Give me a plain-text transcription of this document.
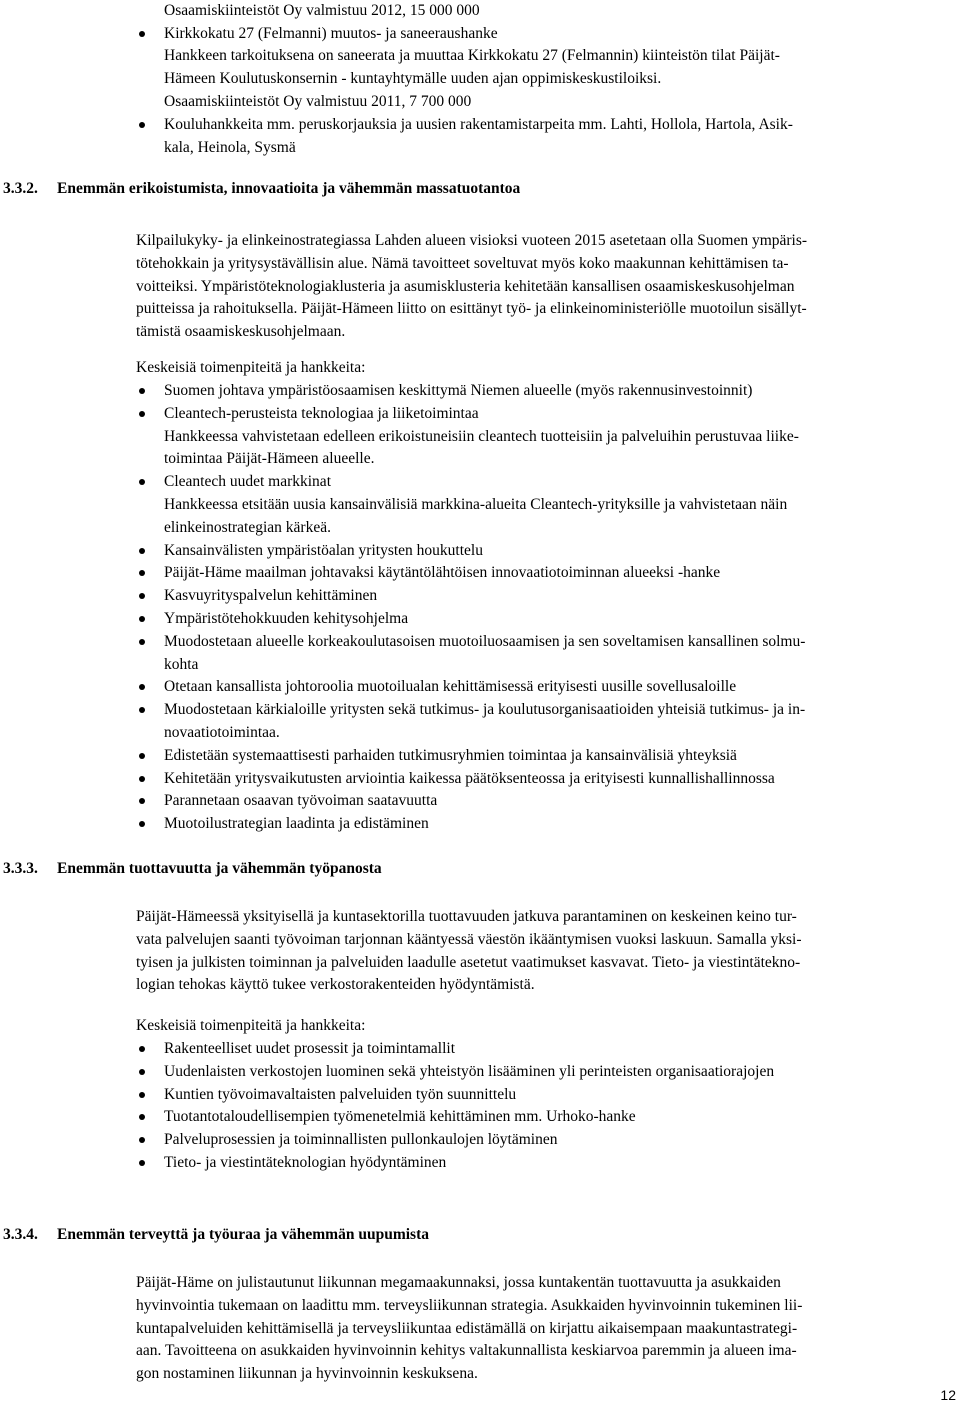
Osaamiskiinteistöt Oy valmistuu 2012, 15 000 000
Kirkkokatu 27 (Felmanni) muutos- ja saneeraushanke
Hankkeen tarkoituksena on saneerata ja muuttaa Kirkkokatu 27 (Felmannin) kiinteistön tilat Päijät-
Hämeen Koulutuskonsernin - kuntayhtymälle uuden ajan oppimiskeskustiloiksi.
Osaamiskiinteistöt Oy valmistuu 2011, 7 700 000
Kouluhankkeita mm. peruskorjauksia ja uusien rakentamistarpeita mm. Lahti, Hollola, Hartola, Asik-
kala, Heinola, Sysmä
3.3.2. Enemmän erikoistumista, innovaatioita ja vähemmän massatuotantoa
Kilpailukyky- ja elinkeinostrategiassa Lahden alueen visioksi vuoteen 2015 asetetaan olla Suomen ympäris-
tötehokkain ja yritysystävällisin alue. Nämä tavoitteet soveltuvat myös koko maakunnan kehittämisen ta-
voitteiksi. Ympäristöteknologiaklusteria ja asumisklusteria kehitetään kansallisen osaamiskeskusohjelman
puitteissa ja rahoituksella. Päijät-Hämeen liitto on esittänyt työ- ja elinkeinoministeriölle muotoilun sisällyt-
tämistä osaamiskeskusohjelmaan.
Keskeisiä toimenpiteitä ja hankkeita:
Suomen johtava ympäristöosaamisen keskittymä Niemen alueelle (myös rakennusinvestoinnit)
Cleantech-perusteista teknologiaa ja liiketoimintaa
Hankkeessa vahvistetaan edelleen erikoistuneisiin cleantech tuotteisiin ja palveluihin perustuvaa liike-
toimintaa Päijät-Hämeen alueelle.
Cleantech uudet markkinat
Hankkeessa etsitään uusia kansainvälisiä markkina-alueita Cleantech-yrityksille ja vahvistetaan näin
elinkeinostrategian kärkeä.
Kansainvälisten ympäristöalan yritysten houkuttelu
Päijät-Häme maailman johtavaksi käytäntölähtöisen innovaatiotoiminnan alueeksi -hanke
Kasvuyrityspalvelun kehittäminen
Ympäristötehokkuuden kehitysohjelma
Muodostetaan alueelle korkeakoulutasoisen muotoiluosaamisen ja sen soveltamisen kansallinen solmu-
kohta
Otetaan kansallista johtoroolia muotoilualan kehittämisessä erityisesti uusille sovellusaloille
Muodostetaan kärkialoille yritysten sekä tutkimus- ja koulutusorganisaatioiden yhteisiä tutkimus- ja in-
novaatiotoimintaa.
Edistetään systemaattisesti parhaiden tutkimusryhmien toimintaa ja kansainvälisiä yhteyksiä
Kehitetään yritysvaikutusten arviointia kaikessa päätöksenteossa ja erityisesti kunnallishallinnossa
Parannetaan osaavan työvoiman saatavuutta
Muotoilustrategian laadinta ja edistäminen
3.3.3. Enemmän tuottavuutta ja vähemmän työpanosta
Päijät-Hämeessä yksityisellä ja kuntasektorilla tuottavuuden jatkuva parantaminen on keskeinen keino tur-
vata palvelujen saanti työvoiman tarjonnan kääntyessä väestön ikääntymisen vuoksi laskuun. Samalla yksi-
tyisen ja julkisten toiminnan ja palveluiden laadulle asetetut vaatimukset kasvavat. Tieto- ja viestintätekno-
logian tehokas käyttö tukee verkostorakenteiden hyödyntämistä.
Keskeisiä toimenpiteitä ja hankkeita:
Rakenteelliset uudet prosessit ja toimintamallit
Uudenlaisten verkostojen luominen sekä yhteistyön lisääminen yli perinteisten organisaatiorajojen
Kuntien työvoimavaltaisten palveluiden työn suunnittelu
Tuotantotaloudellisempien työmenetelmiä kehittäminen mm. Urhoko-hanke
Palveluprosessien ja toiminnallisten pullonkaulojen löytäminen
Tieto- ja viestintäteknologian hyödyntäminen
3.3.4. Enemmän terveyttä ja työuraa ja vähemmän uupumista
Päijät-Häme on julistautunut liikunnan megamaakunnaksi, jossa kuntakentän tuottavuutta ja asukkaiden
hyvinvointia tukemaan on laadittu mm. terveysliikunnan strategia. Asukkaiden hyvinvoinnin tukeminen lii-
kuntapalveluiden kehittämisellä ja terveysliikuntaa edistämällä on kirjattu aikaisempaan maakuntastrategi-
aan. Tavoitteena on asukkaiden hyvinvoinnin kehitys valtakunnallista keskiarvoa paremmin ja alueen ima-
gon nostaminen liikunnan ja hyvinvoinnin keskuksena.
12
